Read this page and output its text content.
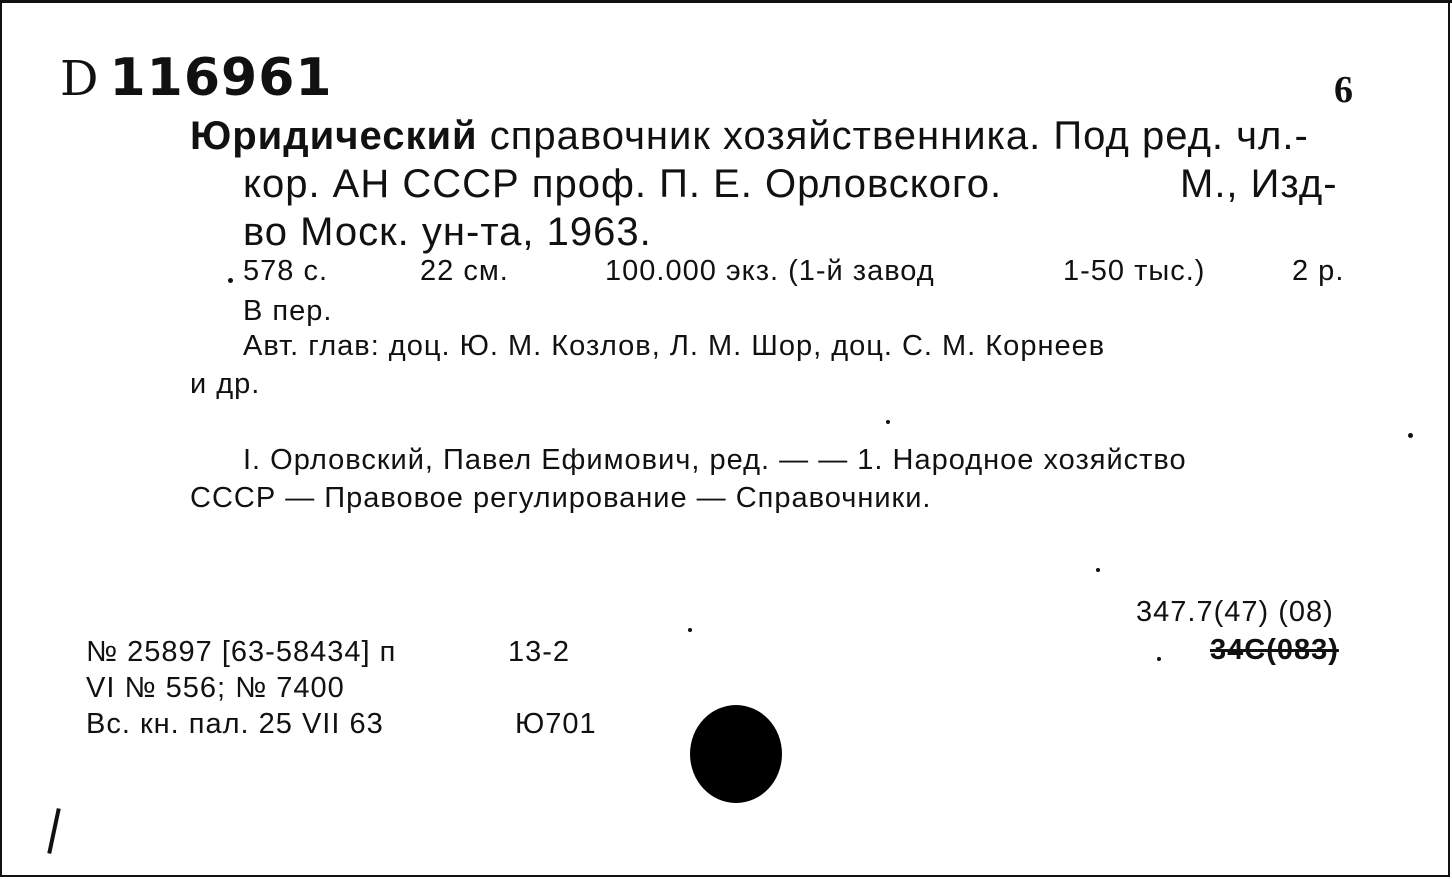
D 116961	6
Юридический справочник хозяйственника. Под ред. чл.-
кор. АН СССР проф. П. Е. Орловского.	М., Изд-
во Моск. ун-та, 1963.
578 с.	22 см.	100.000 экз. (1-й завод	1-50 тыс.)	2 р.
В пер.
Авт. глав: доц. Ю. М. Козлов, Л. М. Шор, доц. С. М. Корнеев
и др.
I. Орловский, Павел Ефимович, ред. — — 1. Народное хозяйство
СССР — Правовое регулирование — Справочники.
347.7(47) (08)
34С(083)
№ 25897 [63-58434] п	13-2
VI № 556; № 7400
Вс. кн. пал. 25 VII 63	Ю701
